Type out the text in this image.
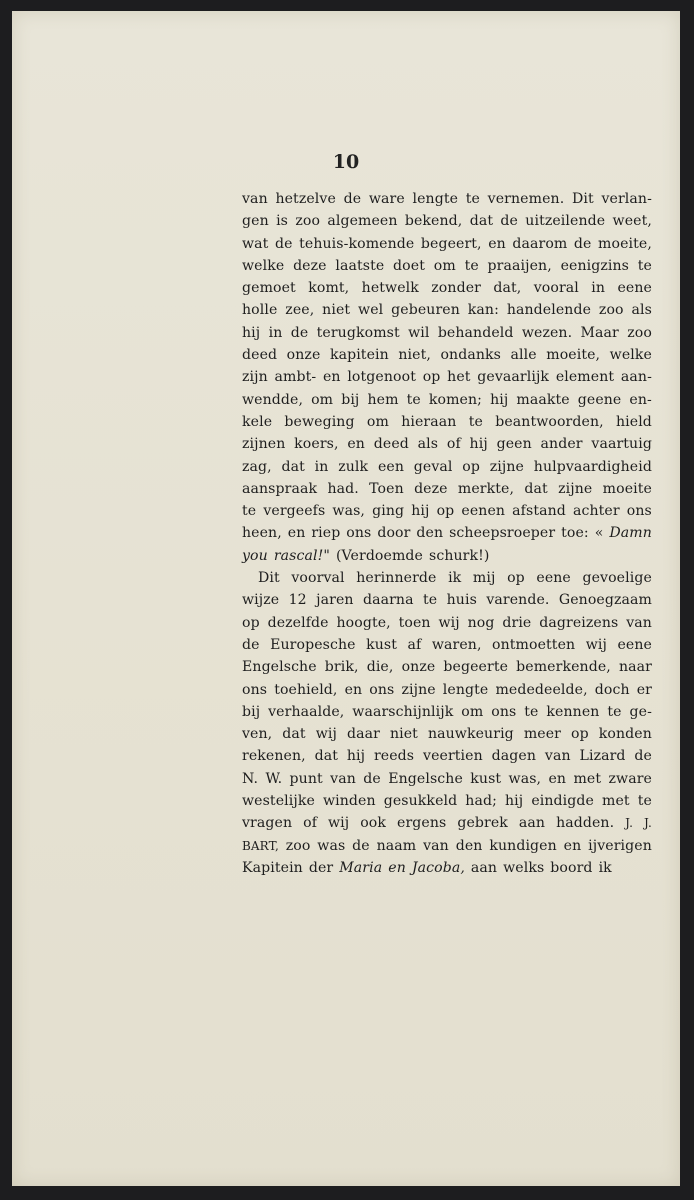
10
van hetzelve de ware lengte te vernemen. Dit verlan-
gen is zoo algemeen bekend, dat de uitzeilende weet,
wat de tehuis-komende begeert, en daarom de moeite,
welke deze laatste doet om te praaijen, eenigzins te
gemoet komt, hetwelk zonder dat, vooral in eene
holle zee, niet wel gebeuren kan: handelende zoo als
hij in de terugkomst wil behandeld wezen. Maar zoo
deed onze kapitein niet, ondanks alle moeite, welke
zijn ambt- en lotgenoot op het gevaarlijk element aan-
wendde, om bij hem te komen; hij maakte geene en-
kele beweging om hieraan te beantwoorden, hield
zijnen koers, en deed als of hij geen ander vaartuig
zag, dat in zulk een geval op zijne hulpvaardigheid
aanspraak had. Toen deze merkte, dat zijne moeite
te vergeefs was, ging hij op eenen afstand achter ons
heen, en riep ons door den scheepsroeper toe: « Damn
you rascal!" (Verdoemde schurk!)
Dit voorval herinnerde ik mij op eene gevoelige
wijze 12 jaren daarna te huis varende. Genoegzaam
op dezelfde hoogte, toen wij nog drie dagreizens van
de Europesche kust af waren, ontmoetten wij eene
Engelsche brik, die, onze begeerte bemerkende, naar
ons toehield, en ons zijne lengte mededeelde, doch er
bij verhaalde, waarschijnlijk om ons te kennen te ge-
ven, dat wij daar niet nauwkeurig meer op konden
rekenen, dat hij reeds veertien dagen van Lizard de
N. W. punt van de Engelsche kust was, en met zware
westelijke winden gesukkeld had; hij eindigde met te
vragen of wij ook ergens gebrek aan hadden. J. J.
BART, zoo was de naam van den kundigen en ijverigen
Kapitein der Maria en Jacoba, aan welks boord ik
